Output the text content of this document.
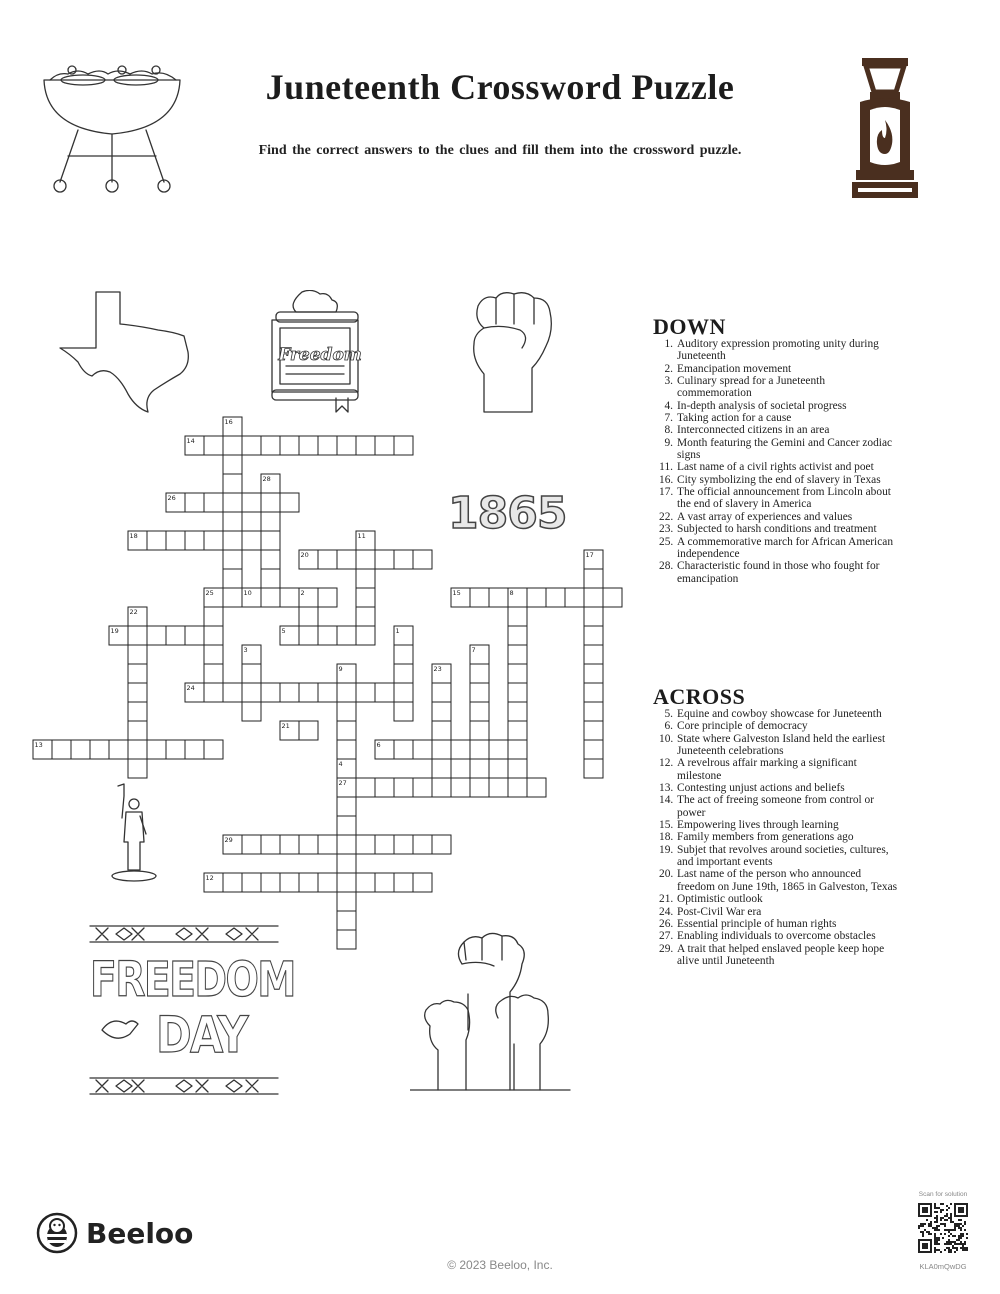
Juneteenth Crossword Puzzle
Find the correct answers to the clues and fill them into the crossword puzzle.
Freedom
1865
14
26
18
20
10	15
19
24
21
13	6
27
29
12
16
28
11
17
25	2	8
22
5	1
3	7
9	23
4
FREEDOM
DAY
DOWN
1. Auditory expression promoting unity during Juneteenth
2. Emancipation movement
3. Culinary spread for a Juneteenth commemoration
4. In-depth analysis of societal progress
7. Taking action for a cause
8. Interconnected citizens in an area
9. Month featuring the Gemini and Cancer zodiac signs
11. Last name of a civil rights activist and poet
16. City symbolizing the end of slavery in Texas
17. The official announcement from Lincoln about the end of slavery in America
22. A vast array of experiences and values
23. Subjected to harsh conditions and treatment
25. A commemorative march for African American independence
28. Characteristic found in those who fought for emancipation
ACROSS
5. Equine and cowboy showcase for Juneteenth
6. Core principle of democracy
10. State where Galveston Island held the earliest Juneteenth celebrations
12. A revelrous affair marking a significant milestone
13. Contesting unjust actions and beliefs
14. The act of freeing someone from control or power
15. Empowering lives through learning
18. Family members from generations ago
19. Subjet that revolves around societies, cultures, and important events
20. Last name of the person who announced freedom on June 19th, 1865 in Galveston, Texas
21. Optimistic outlook
24. Post-Civil War era
26. Essential principle of human rights
27. Enabling individuals to overcome obstacles
29. A trait that helped enslaved people keep hope alive until Juneteenth
Beeloo
© 2023 Beeloo, Inc.
Scan for solution
KLA0mQwDG
